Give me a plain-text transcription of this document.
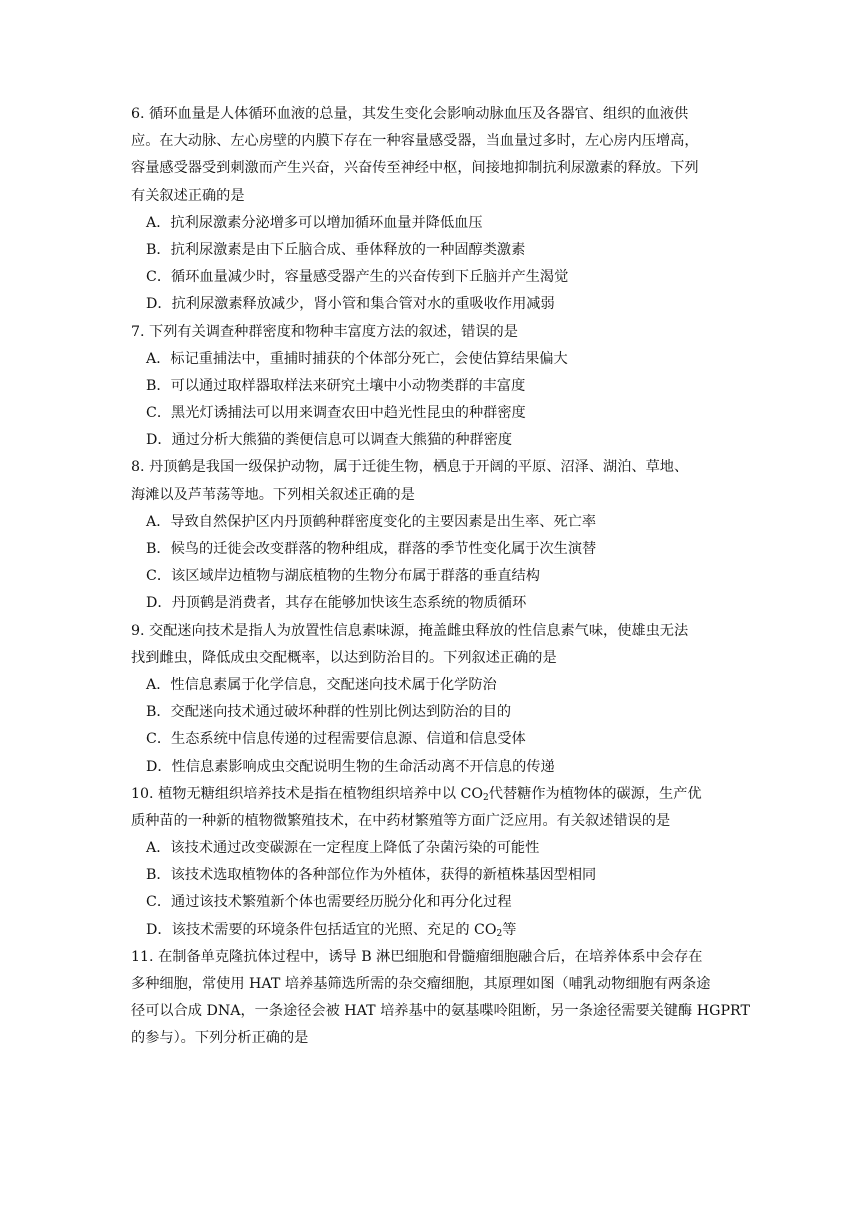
6. 循环血量是人体循环血液的总量，其发生变化会影响动脉血压及各器官、组织的血液供
应。在大动脉、左心房壁的内膜下存在一种容量感受器，当血量过多时，左心房内压增高，
容量感受器受到刺激而产生兴奋，兴奋传至神经中枢，间接地抑制抗利尿激素的释放。下列
有关叙述正确的是
A．抗利尿激素分泌增多可以增加循环血量并降低血压
B．抗利尿激素是由下丘脑合成、垂体释放的一种固醇类激素
C．循环血量减少时，容量感受器产生的兴奋传到下丘脑并产生渴觉
D．抗利尿激素释放减少，肾小管和集合管对水的重吸收作用减弱
7. 下列有关调查种群密度和物种丰富度方法的叙述，错误的是
A．标记重捕法中，重捕时捕获的个体部分死亡，会使估算结果偏大
B．可以通过取样器取样法来研究土壤中小动物类群的丰富度
C．黑光灯诱捕法可以用来调查农田中趋光性昆虫的种群密度
D．通过分析大熊猫的粪便信息可以调查大熊猫的种群密度
8. 丹顶鹤是我国一级保护动物，属于迁徙生物，栖息于开阔的平原、沼泽、湖泊、草地、
海滩以及芦苇荡等地。下列相关叙述正确的是
A．导致自然保护区内丹顶鹤种群密度变化的主要因素是出生率、死亡率
B．候鸟的迁徙会改变群落的物种组成，群落的季节性变化属于次生演替
C．该区域岸边植物与湖底植物的生物分布属于群落的垂直结构
D．丹顶鹤是消费者，其存在能够加快该生态系统的物质循环
9. 交配迷向技术是指人为放置性信息素味源，掩盖雌虫释放的性信息素气味，使雄虫无法
找到雌虫，降低成虫交配概率，以达到防治目的。下列叙述正确的是
A．性信息素属于化学信息，交配迷向技术属于化学防治
B．交配迷向技术通过破坏种群的性别比例达到防治的目的
C．生态系统中信息传递的过程需要信息源、信道和信息受体
D．性信息素影响成虫交配说明生物的生命活动离不开信息的传递
10. 植物无糖组织培养技术是指在植物组织培养中以 $CO_2$代替糖作为植物体的碳源，生产优
质种苗的一种新的植物微繁殖技术，在中药材繁殖等方面广泛应用。有关叙述错误的是
A．该技术通过改变碳源在一定程度上降低了杂菌污染的可能性
B．该技术选取植物体的各种部位作为外植体，获得的新植株基因型相同
C．通过该技术繁殖新个体也需要经历脱分化和再分化过程
D．该技术需要的环境条件包括适宜的光照、充足的 $CO_2$等
11. 在制备单克隆抗体过程中，诱导 B 淋巴细胞和骨髓瘤细胞融合后，在培养体系中会存在
多种细胞，常使用 HAT 培养基筛选所需的杂交瘤细胞，其原理如图（哺乳动物细胞有两条途
径可以合成 DNA，一条途径会被 HAT 培养基中的氨基喋呤阻断，另一条途径需要关键酶 HGPRT
的参与）。下列分析正确的是
